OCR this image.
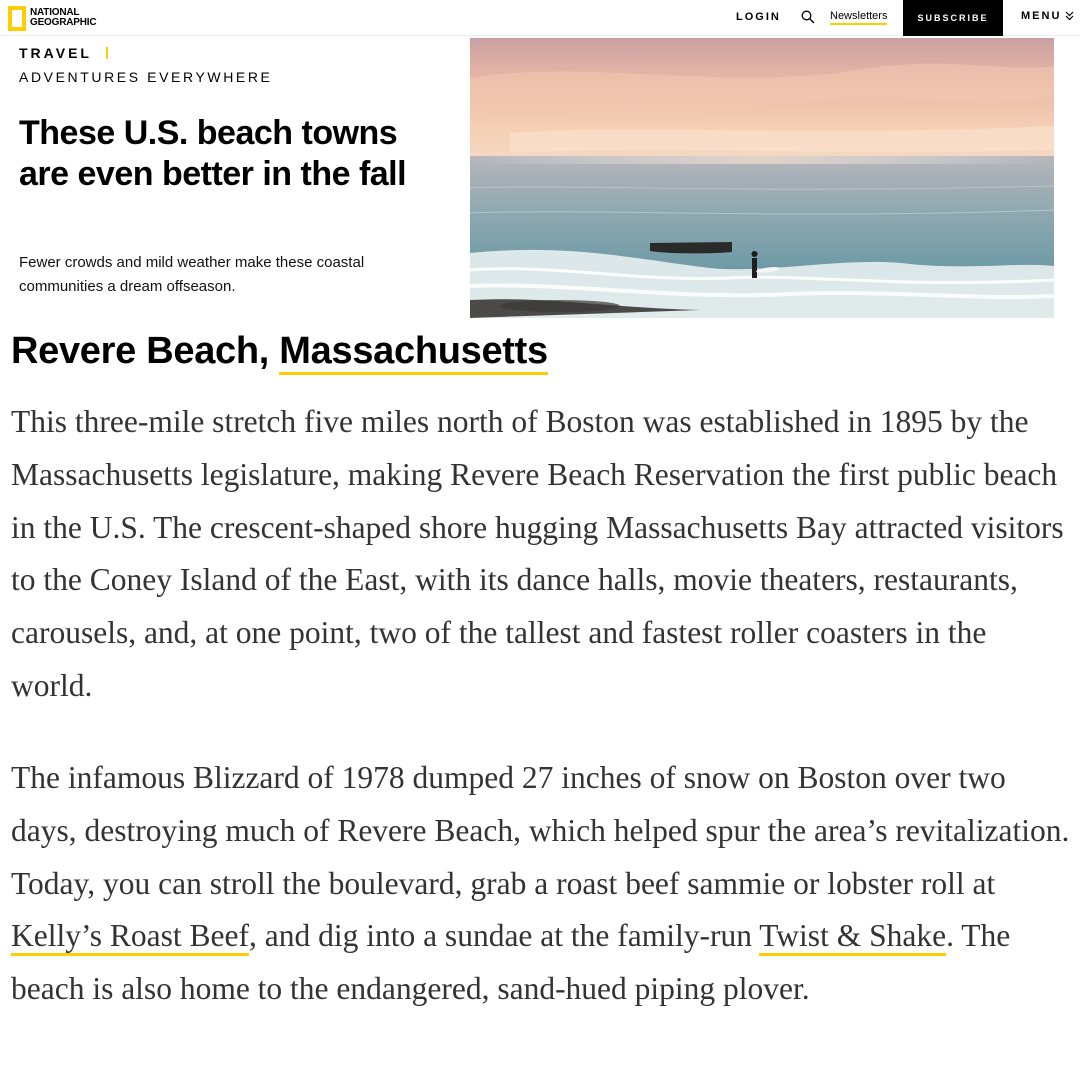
NATIONAL
GEOGRAPHIC	LOGIN	Newsletters	SUBSCRIBE	MENU
TRAVEL
ADVENTURES EVERYWHERE
These U.S. beach towns are even better in the fall

Fewer crowds and mild weather make these coastal communities a dream offseason.

Revere Beach, Massachusetts

This three-mile stretch five miles north of Boston was established in 1895 by the Massachusetts legislature, making Revere Beach Reservation the first public beach in the U.S. The crescent-shaped shore hugging Massachusetts Bay attracted visitors to the Coney Island of the East, with its dance halls, movie theaters, restaurants, carousels, and, at one point, two of the tallest and fastest roller coasters in the world.

The infamous Blizzard of 1978 dumped 27 inches of snow on Boston over two days, destroying much of Revere Beach, which helped spur the area’s revitalization. Today, you can stroll the boulevard, grab a roast beef sammie or lobster roll at Kelly’s Roast Beef, and dig into a sundae at the family-run Twist & Shake. The beach is also home to the endangered, sand-hued piping plover.
